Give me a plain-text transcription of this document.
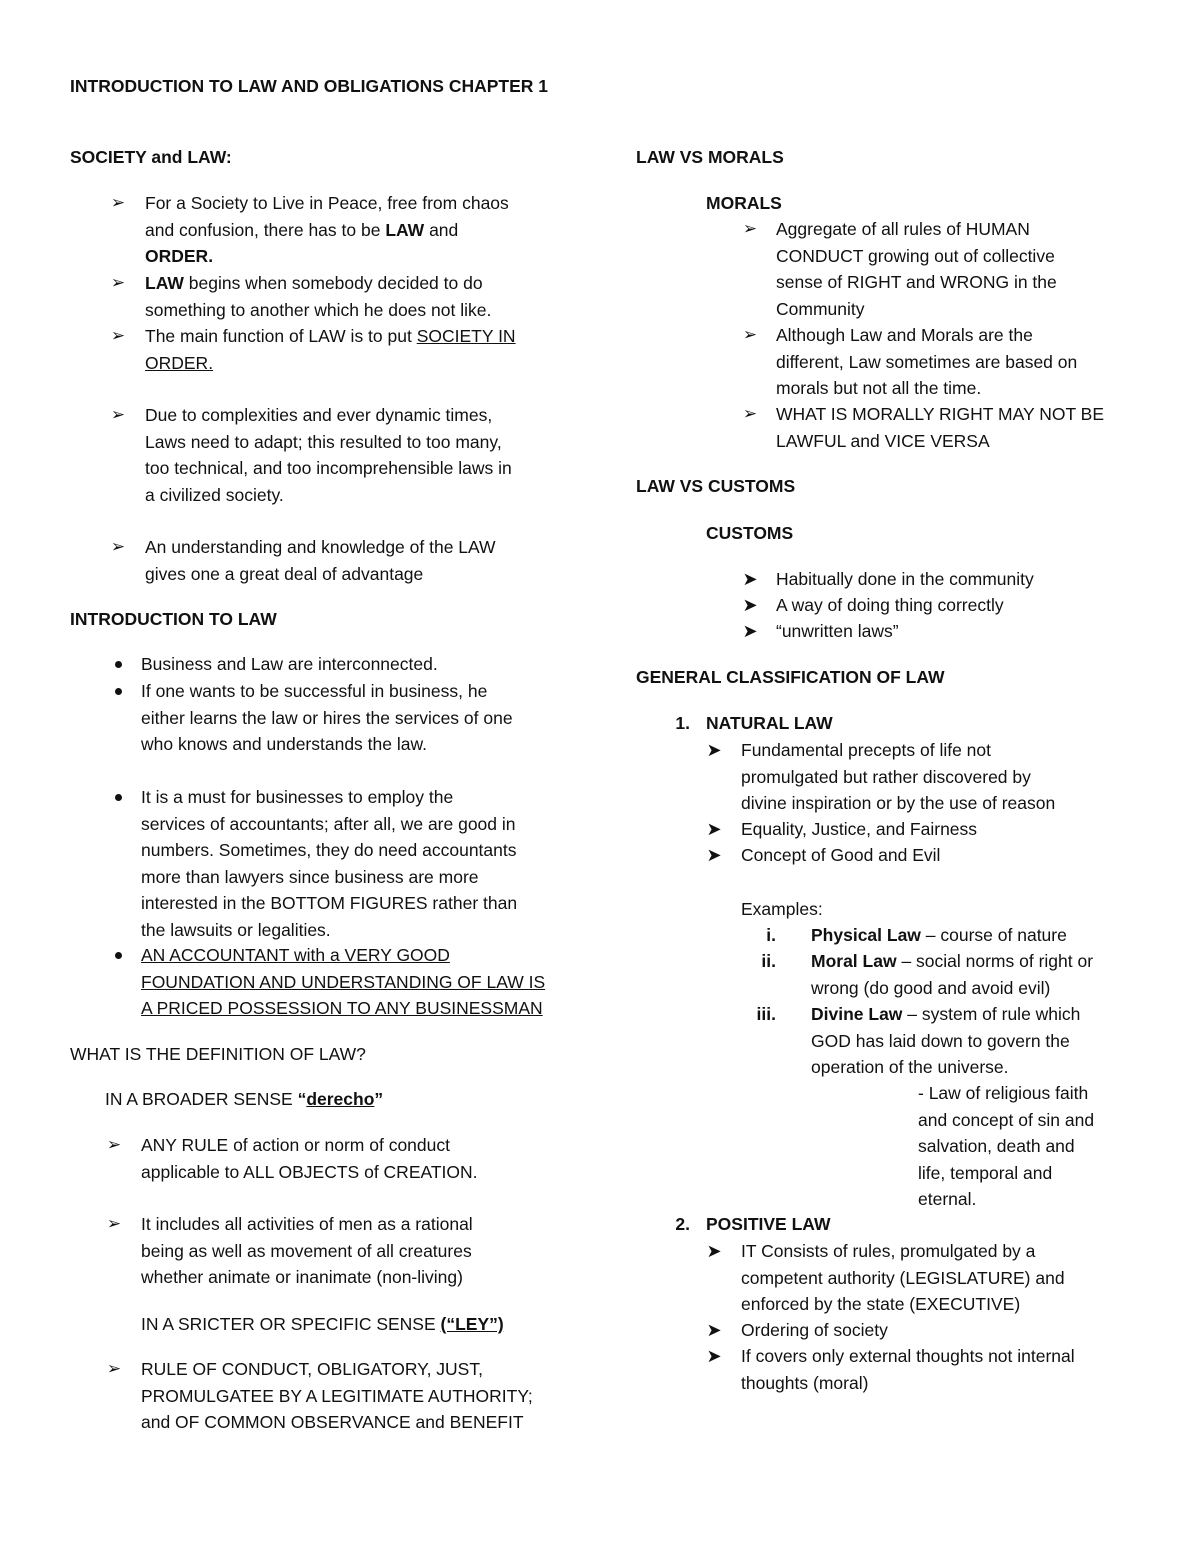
INTRODUCTION TO LAW AND OBLIGATIONS CHAPTER 1
SOCIETY and LAW:
➢ For a Society to Live in Peace, free from chaos
and confusion, there has to be LAW and
ORDER.
➢ LAW begins when somebody decided to do
something to another which he does not like.
➢ The main function of LAW is to put SOCIETY IN
ORDER.
➢ Due to complexities and ever dynamic times,
Laws need to adapt; this resulted to too many,
too technical, and too incomprehensible laws in
a civilized society.
➢ An understanding and knowledge of the LAW
gives one a great deal of advantage
INTRODUCTION TO LAW
Business and Law are interconnected.
If one wants to be successful in business, he
either learns the law or hires the services of one
who knows and understands the law.
It is a must for businesses to employ the
services of accountants; after all, we are good in
numbers. Sometimes, they do need accountants
more than lawyers since business are more
interested in the BOTTOM FIGURES rather than
the lawsuits or legalities.
AN ACCOUNTANT with a VERY GOOD
FOUNDATION AND UNDERSTANDING OF LAW IS
A PRICED POSSESSION TO ANY BUSINESSMAN
WHAT IS THE DEFINITION OF LAW?
IN A BROADER SENSE “derecho”
➢ ANY RULE of action or norm of conduct
applicable to ALL OBJECTS of CREATION.
➢ It includes all activities of men as a rational
being as well as movement of all creatures
whether animate or inanimate (non-living)
IN A SRICTER OR SPECIFIC SENSE (“LEY”)
➢ RULE OF CONDUCT, OBLIGATORY, JUST,
PROMULGATEE BY A LEGITIMATE AUTHORITY;
and OF COMMON OBSERVANCE and BENEFIT
LAW VS MORALS
MORALS
➢ Aggregate of all rules of HUMAN
CONDUCT growing out of collective
sense of RIGHT and WRONG in the
Community
➢ Although Law and Morals are the
different, Law sometimes are based on
morals but not all the time.
➢ WHAT IS MORALLY RIGHT MAY NOT BE
LAWFUL and VICE VERSA
LAW VS CUSTOMS
CUSTOMS
➤ Habitually done in the community
➤ A way of doing thing correctly
➤ “unwritten laws”
GENERAL CLASSIFICATION OF LAW
1. NATURAL LAW
➤ Fundamental precepts of life not
promulgated but rather discovered by
divine inspiration or by the use of reason
➤ Equality, Justice, and Fairness
➤ Concept of Good and Evil
Examples:
i. Physical Law – course of nature
ii. Moral Law – social norms of right or
wrong (do good and avoid evil)
iii. Divine Law – system of rule which
GOD has laid down to govern the
operation of the universe.
- Law of religious faith
and concept of sin and
salvation, death and
life, temporal and
eternal.
2. POSITIVE LAW
➤ IT Consists of rules, promulgated by a
competent authority (LEGISLATURE) and
enforced by the state (EXECUTIVE)
➤ Ordering of society
➤ If covers only external thoughts not internal
thoughts (moral)
